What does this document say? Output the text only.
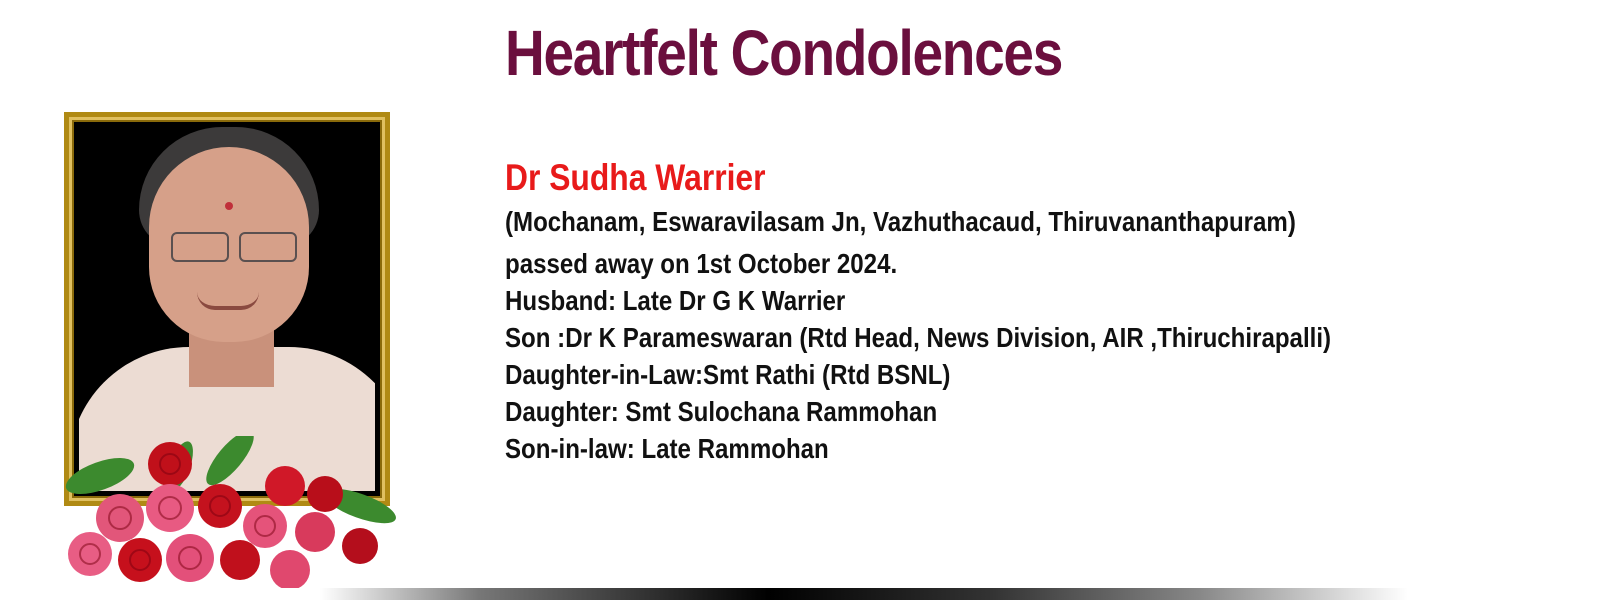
Heartfelt Condolences
Dr Sudha Warrier
(Mochanam, Eswaravilasam Jn, Vazhuthacaud, Thiruvananthapuram)
passed away on 1st October 2024.
Husband: Late Dr G K Warrier
Son :Dr K Parameswaran (Rtd Head, News Division, AIR ,Thiruchirapalli)
Daughter-in-Law:Smt Rathi (Rtd BSNL)
Daughter: Smt Sulochana Rammohan
Son-in-law: Late Rammohan
